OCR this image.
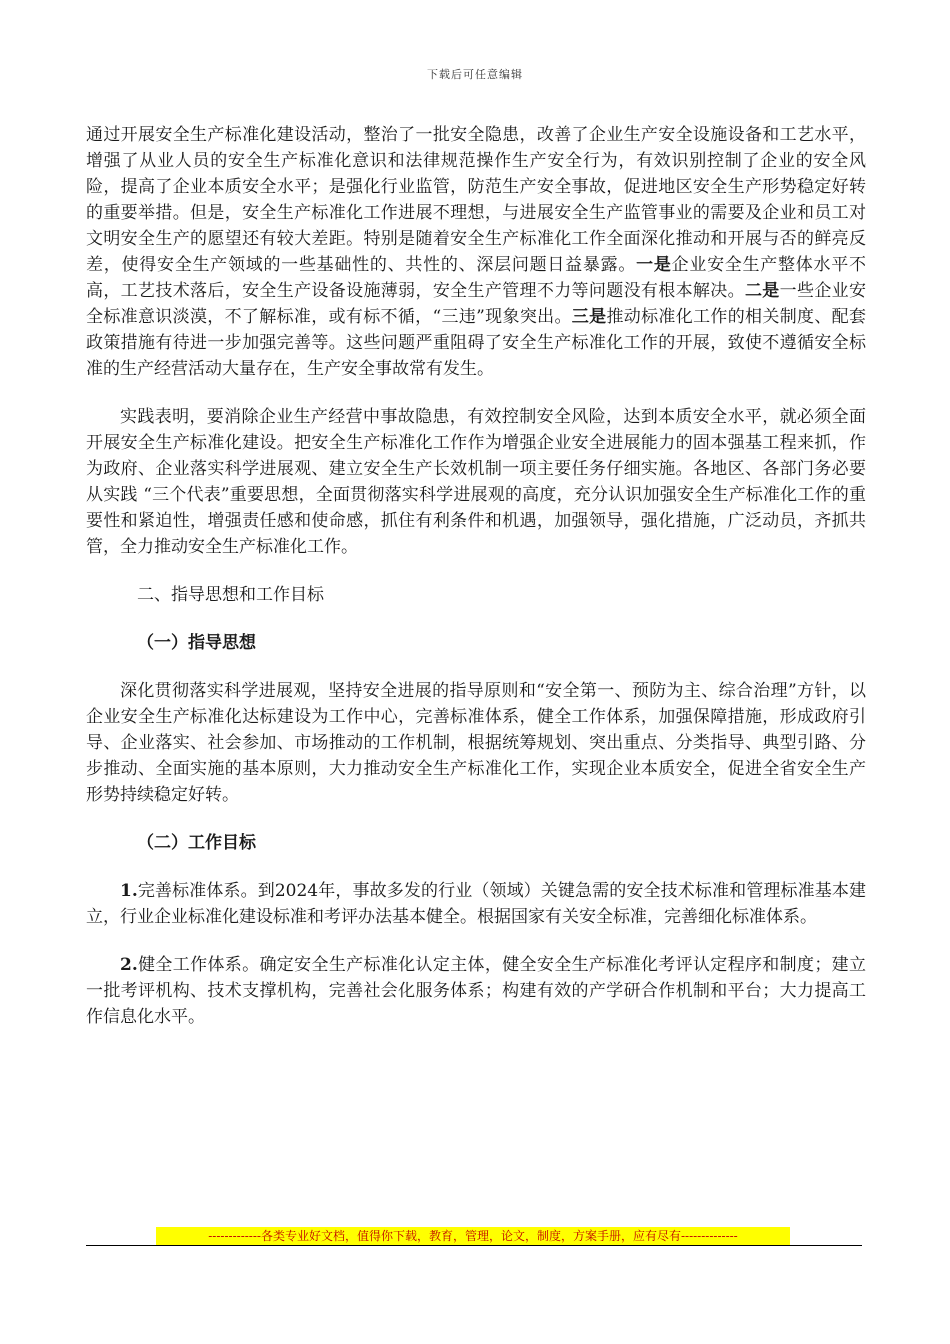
下载后可任意编辑

通过开展安全生产标准化建设活动，整治了一批安全隐患，改善了企业生产安全设施设备和工艺水平，增强了从业人员的安全生产标准化意识和法律规范操作生产安全行为，有效识别控制了企业的安全风险，提高了企业本质安全水平；是强化行业监管，防范生产安全事故，促进地区安全生产形势稳定好转的重要举措。但是，安全生产标准化工作进展不理想，与进展安全生产监管事业的需要及企业和员工对文明安全生产的愿望还有较大差距。特别是随着安全生产标准化工作全面深化推动和开展与否的鲜亮反差，使得安全生产领域的一些基础性的、共性的、深层问题日益暴露。一是企业安全生产整体水平不高，工艺技术落后，安全生产设备设施薄弱，安全生产管理不力等问题没有根本解决。二是一些企业安全标准意识淡漠，不了解标准，或有标不循，“三违”现象突出。三是推动标准化工作的相关制度、配套政策措施有待进一步加强完善等。这些问题严重阻碍了安全生产标准化工作的开展，致使不遵循安全标准的生产经营活动大量存在，生产安全事故常有发生。

实践表明，要消除企业生产经营中事故隐患，有效控制安全风险，达到本质安全水平，就必须全面开展安全生产标准化建设。把安全生产标准化工作作为增强企业安全进展能力的固本强基工程来抓，作为政府、企业落实科学进展观、建立安全生产长效机制一项主要任务仔细实施。各地区、各部门务必要从实践 “三个代表”重要思想，全面贯彻落实科学进展观的高度，充分认识加强安全生产标准化工作的重要性和紧迫性，增强责任感和使命感，抓住有利条件和机遇，加强领导，强化措施，广泛动员，齐抓共管，全力推动安全生产标准化工作。

二、指导思想和工作目标

（一）指导思想

深化贯彻落实科学进展观，坚持安全进展的指导原则和“安全第一、预防为主、综合治理”方针，以企业安全生产标准化达标建设为工作中心，完善标准体系，健全工作体系，加强保障措施，形成政府引导、企业落实、社会参加、市场推动的工作机制，根据统筹规划、突出重点、分类指导、典型引路、分步推动、全面实施的基本原则，大力推动安全生产标准化工作，实现企业本质安全，促进全省安全生产形势持续稳定好转。

（二）工作目标

1.完善标准体系。到2024年，事故多发的行业（领域）关键急需的安全技术标准和管理标准基本建立，行业企业标准化建设标准和考评办法基本健全。根据国家有关安全标准，完善细化标准体系。

2.健全工作体系。确定安全生产标准化认定主体，健全安全生产标准化考评认定程序和制度；建立一批考评机构、技术支撑机构，完善社会化服务体系；构建有效的产学研合作机制和平台；大力提高工作信息化水平。

-------------各类专业好文档，值得你下载，教育，管理，论文，制度，方案手册，应有尽有--------------
